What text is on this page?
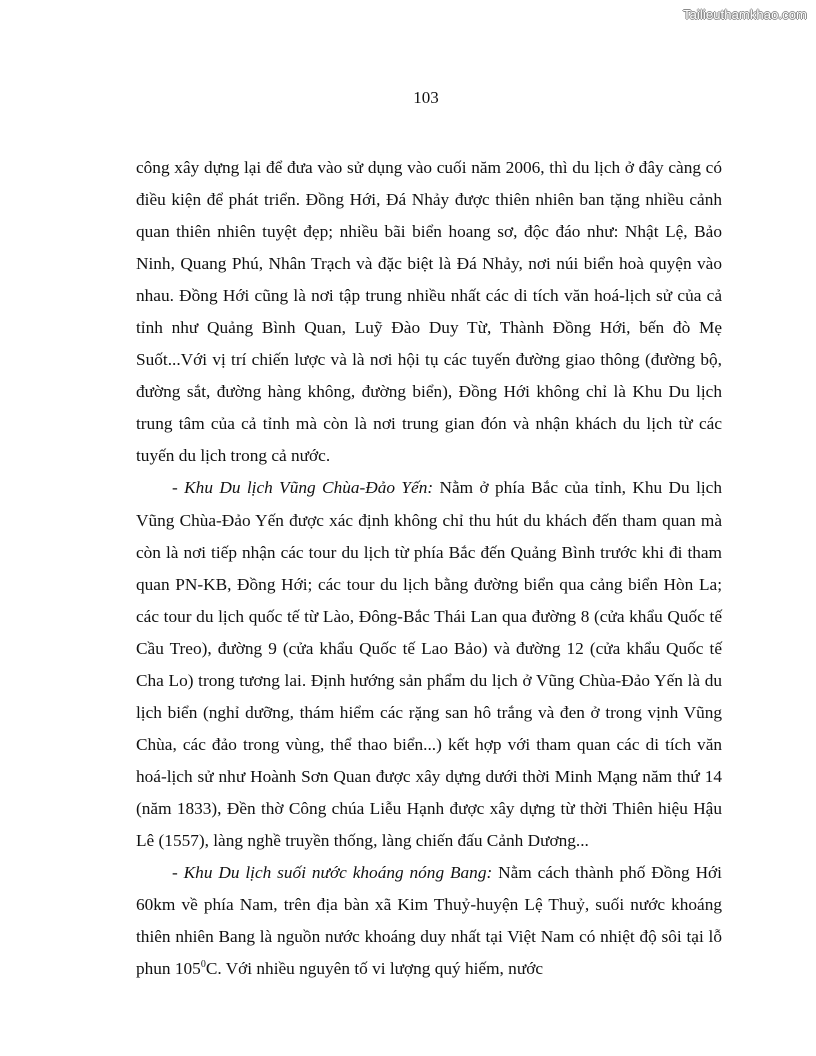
Tailieuthamkhao.com
103

công xây dựng lại để đưa vào sử dụng vào cuối năm 2006, thì du lịch ở đây càng có điều kiện để phát triển. Đồng Hới, Đá Nhảy được thiên nhiên ban tặng nhiều cảnh quan thiên nhiên tuyệt đẹp; nhiều bãi biển hoang sơ, độc đáo như: Nhật Lệ, Bảo Ninh, Quang Phú, Nhân Trạch và đặc biệt là Đá Nhảy, nơi núi biển hoà quyện vào nhau. Đồng Hới cũng là nơi tập trung nhiều nhất các di tích văn hoá-lịch sử của cả tỉnh như Quảng Bình Quan, Luỹ Đào Duy Từ, Thành Đồng Hới, bến đò Mẹ Suốt...Với vị trí chiến lược và là nơi hội tụ các tuyến đường giao thông (đường bộ, đường sắt, đường hàng không, đường biển), Đồng Hới không chỉ là Khu Du lịch trung tâm của cả tỉnh mà còn là nơi trung gian đón và nhận khách du lịch từ các tuyến du lịch trong cả nước.

- Khu Du lịch Vũng Chùa-Đảo Yến: Nằm ở phía Bắc của tỉnh, Khu Du lịch Vũng Chùa-Đảo Yến được xác định không chỉ thu hút du khách đến tham quan mà còn là nơi tiếp nhận các tour du lịch từ phía Bắc đến Quảng Bình trước khi đi tham quan PN-KB, Đồng Hới; các tour du lịch bằng đường biển qua cảng biển Hòn La; các tour du lịch quốc tế từ Lào, Đông-Bắc Thái Lan qua đường 8 (cửa khẩu Quốc tế Cầu Treo), đường 9 (cửa khẩu Quốc tế Lao Bảo) và đường 12 (cửa khẩu Quốc tế Cha Lo) trong tương lai. Định hướng sản phẩm du lịch ở Vũng Chùa-Đảo Yến là du lịch biển (nghỉ dưỡng, thám hiểm các rặng san hô trắng và đen ở trong vịnh Vũng Chùa, các đảo trong vùng, thể thao biển...) kết hợp với tham quan các di tích văn hoá-lịch sử như Hoành Sơn Quan được xây dựng dưới thời Minh Mạng năm thứ 14 (năm 1833), Đền thờ Công chúa Liễu Hạnh được xây dựng từ thời Thiên hiệu Hậu Lê (1557), làng nghề truyền thống, làng chiến đấu Cảnh Dương...

- Khu Du lịch suối nước khoáng nóng Bang: Nằm cách thành phố Đồng Hới 60km về phía Nam, trên địa bàn xã Kim Thuỷ-huyện Lệ Thuỷ, suối nước khoáng thiên nhiên Bang là nguồn nước khoáng duy nhất tại Việt Nam có nhiệt độ sôi tại lỗ phun $105^0C$. Với nhiều nguyên tố vi lượng quý hiếm, nước
